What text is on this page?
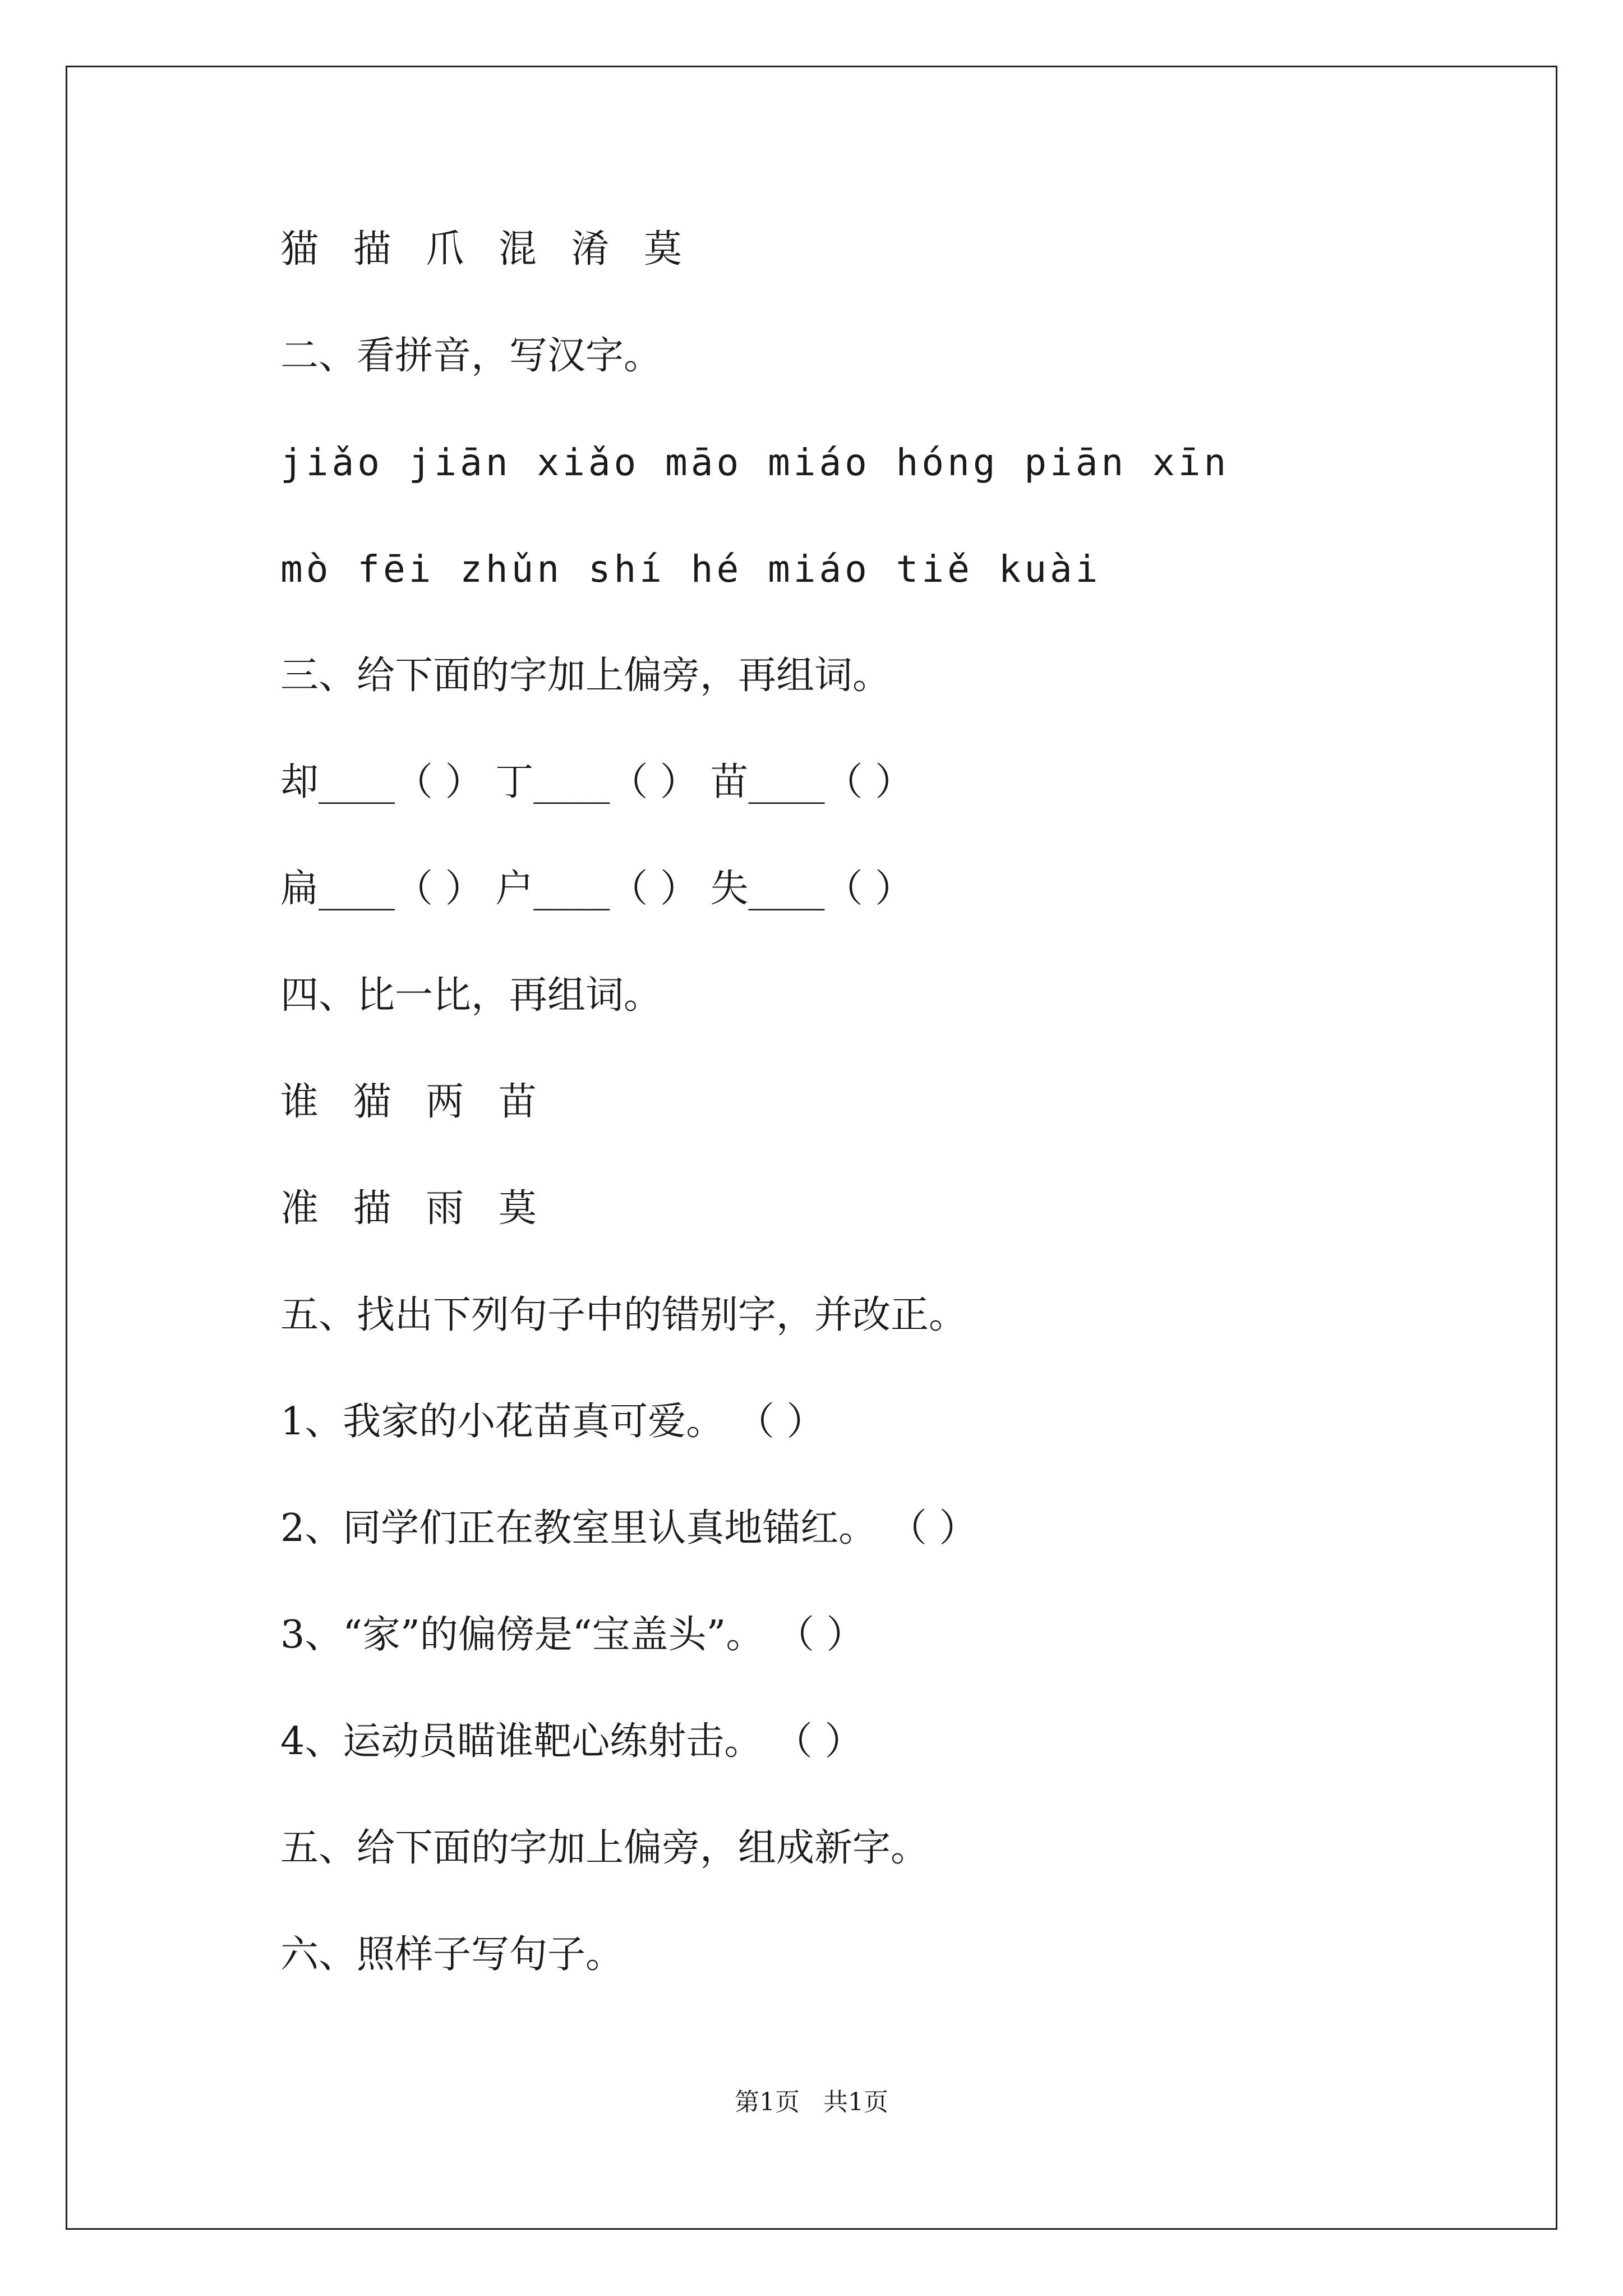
猫 描 爪 混 淆 莫
二、看拼音，写汉字。
jiǎo jiān xiǎo māo miáo hóng piān xīn
mò fēi zhǔn shí hé miáo tiě kuài
三、给下面的字加上偏旁，再组词。
却____（ ） 丁____（ ） 苗____（ ）
扁____（ ） 户____（ ） 失____（ ）
四、比一比，再组词。
谁 猫 两 苗
准 描 雨 莫
五、找出下列句子中的错别字，并改正。
1、我家的小花苗真可爱。 （ ）
2、同学们正在教室里认真地锚红。 （ ）
3、“家”的偏傍是“宝盖头”。 （ ）
4、运动员瞄谁靶心练射击。 （ ）
五、给下面的字加上偏旁，组成新字。
六、照样子写句子。
第1页   共1页
